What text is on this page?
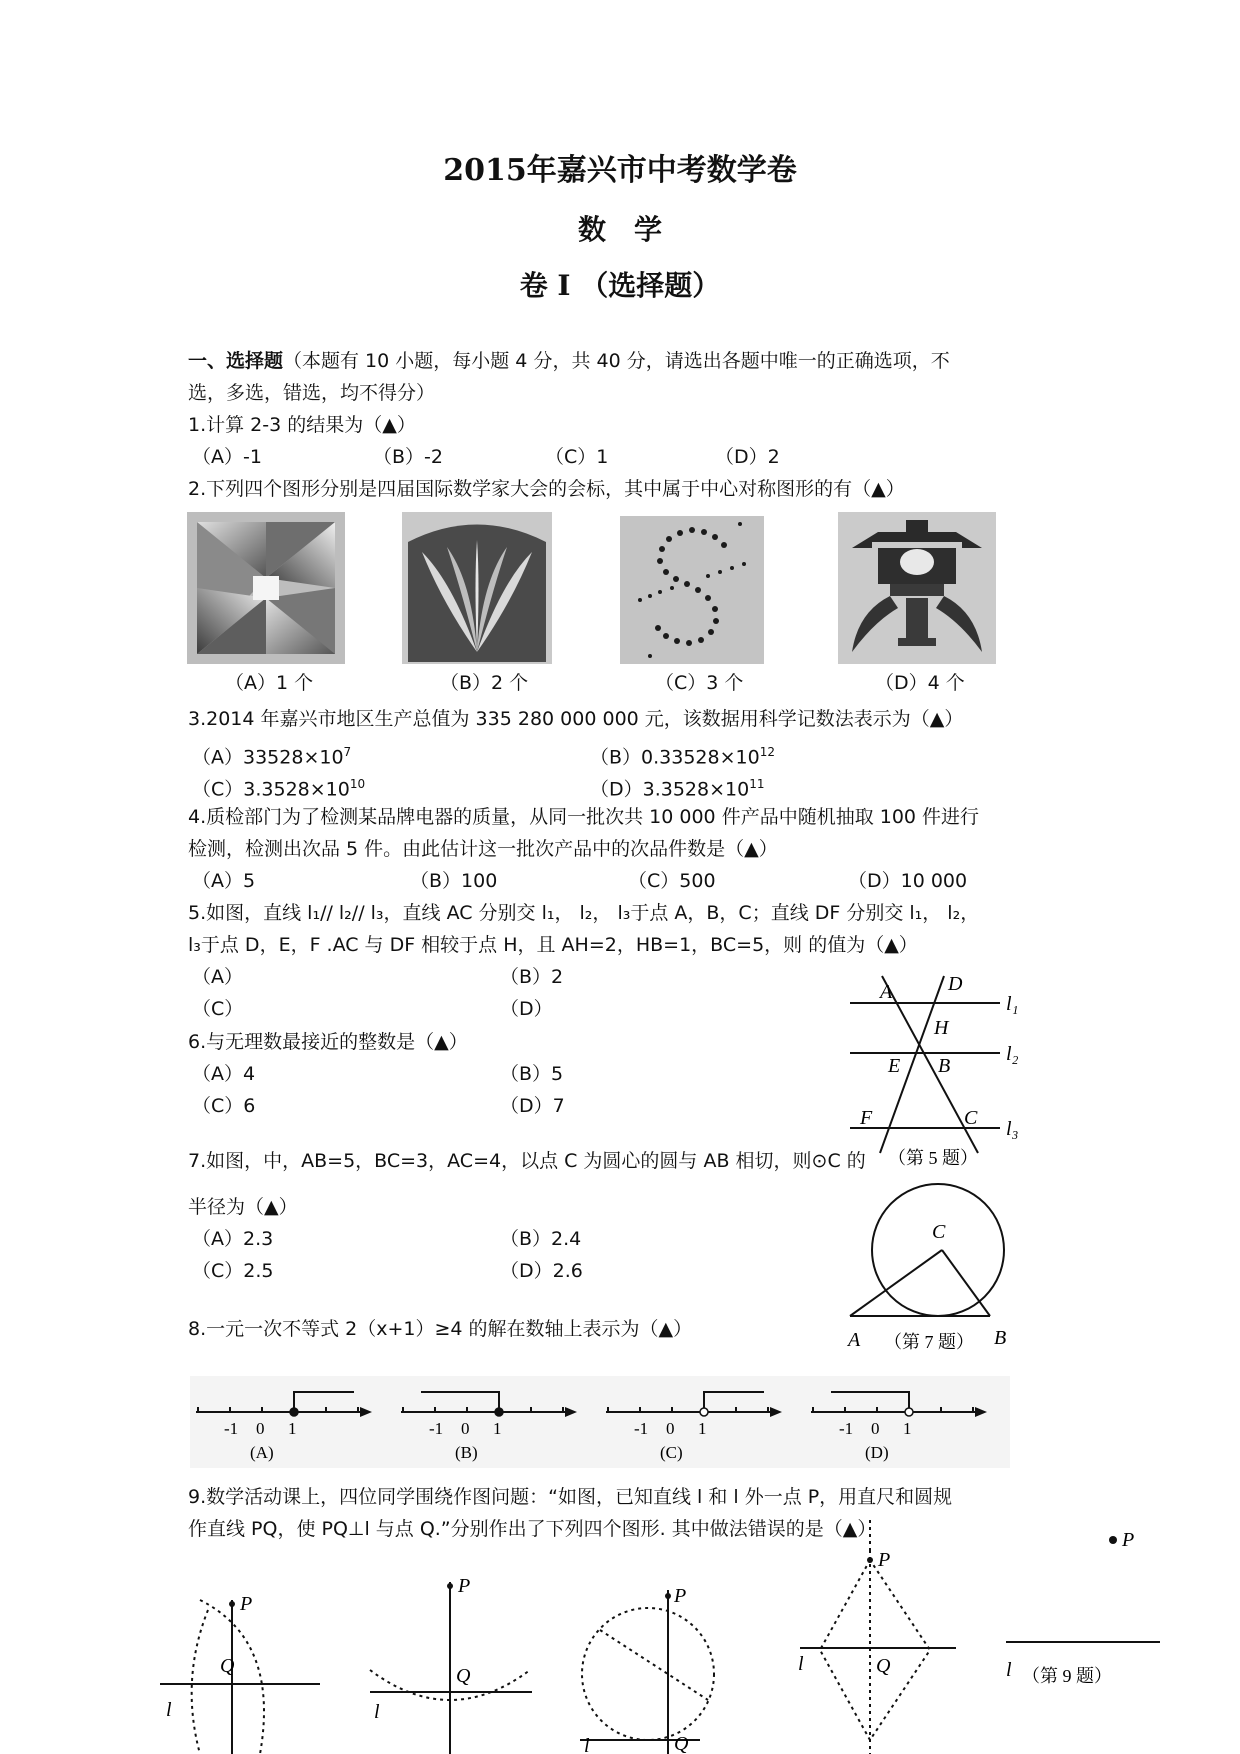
2015年嘉兴市中考数学卷
数　学
卷 I （选择题）
一、选择题（本题有 10 小题，每小题 4 分，共 40 分，请选出各题中唯一的正确选项，不
选，多选，错选，均不得分）
1.计算 2-3 的结果为（▲）
（A）-1	（B）-2	（C）1	（D）2
2.下列四个图形分别是四届国际数学家大会的会标，其中属于中心对称图形的有（▲）
（A）1 个	（B）2 个	（C）3 个	（D）4 个
3.2014 年嘉兴市地区生产总值为 335 280 000 000 元，该数据用科学记数法表示为（▲）
$(A)33528\times 10^7$	$(B)0.33528\times 10^{12}$
$(C)3.3528\times 10^{10}$	$(D)3.3528\times 10^{11}$
4.质检部门为了检测某品牌电器的质量，从同一批次共 10 000 件产品中随机抽取 100 件进行
检测，检测出次品 5 件。由此估计这一批次产品中的次品件数是（▲）
（A）5	（B）100	（C）500	（D）10 000
5.如图，直线 l₁// l₂// l₃，直线 AC 分别交 l₁， l₂， l₃于点 A，B，C；直线 DF 分别交 l₁， l₂，
l₃于点 D，E，F .AC 与 DF 相较于点 H，且 AH=2，HB=1，BC=5，则 的值为（▲）
（A）	（B）2
（C）	（D）
A	D
H
E B
F	C
l₁
l₂
l₃
（第 5 题）
6.与无理数最接近的整数是（▲）
（A）4	（B）5
（C）6	（D）7
7.如图，中，AB=5，BC=3，AC=4，以点 C 为圆心的圆与 AB 相切，则⊙C 的
半径为（▲）
（A）2.3	（B）2.4
（C）2.5	（D）2.6
C
A	B
（第 7 题）
8.一元一次不等式 2（x+1）≥4 的解在数轴上表示为（▲）
-1 0 1
(A)
-1 0 1
(B)
-1 0 1
(C)
-1 0 1
(D)
9.数学活动课上，四位同学围绕作图问题：“如图，已知直线 l 和 l 外一点 P，用直尺和圆规
作直线 PQ，使 PQ⊥l 与点 Q.”分别作出了下列四个图形. 其中做法错误的是（▲）
P
Q
l
P
Q
l
P
Q
l
P
Q
l
P
l （第 9 题）
